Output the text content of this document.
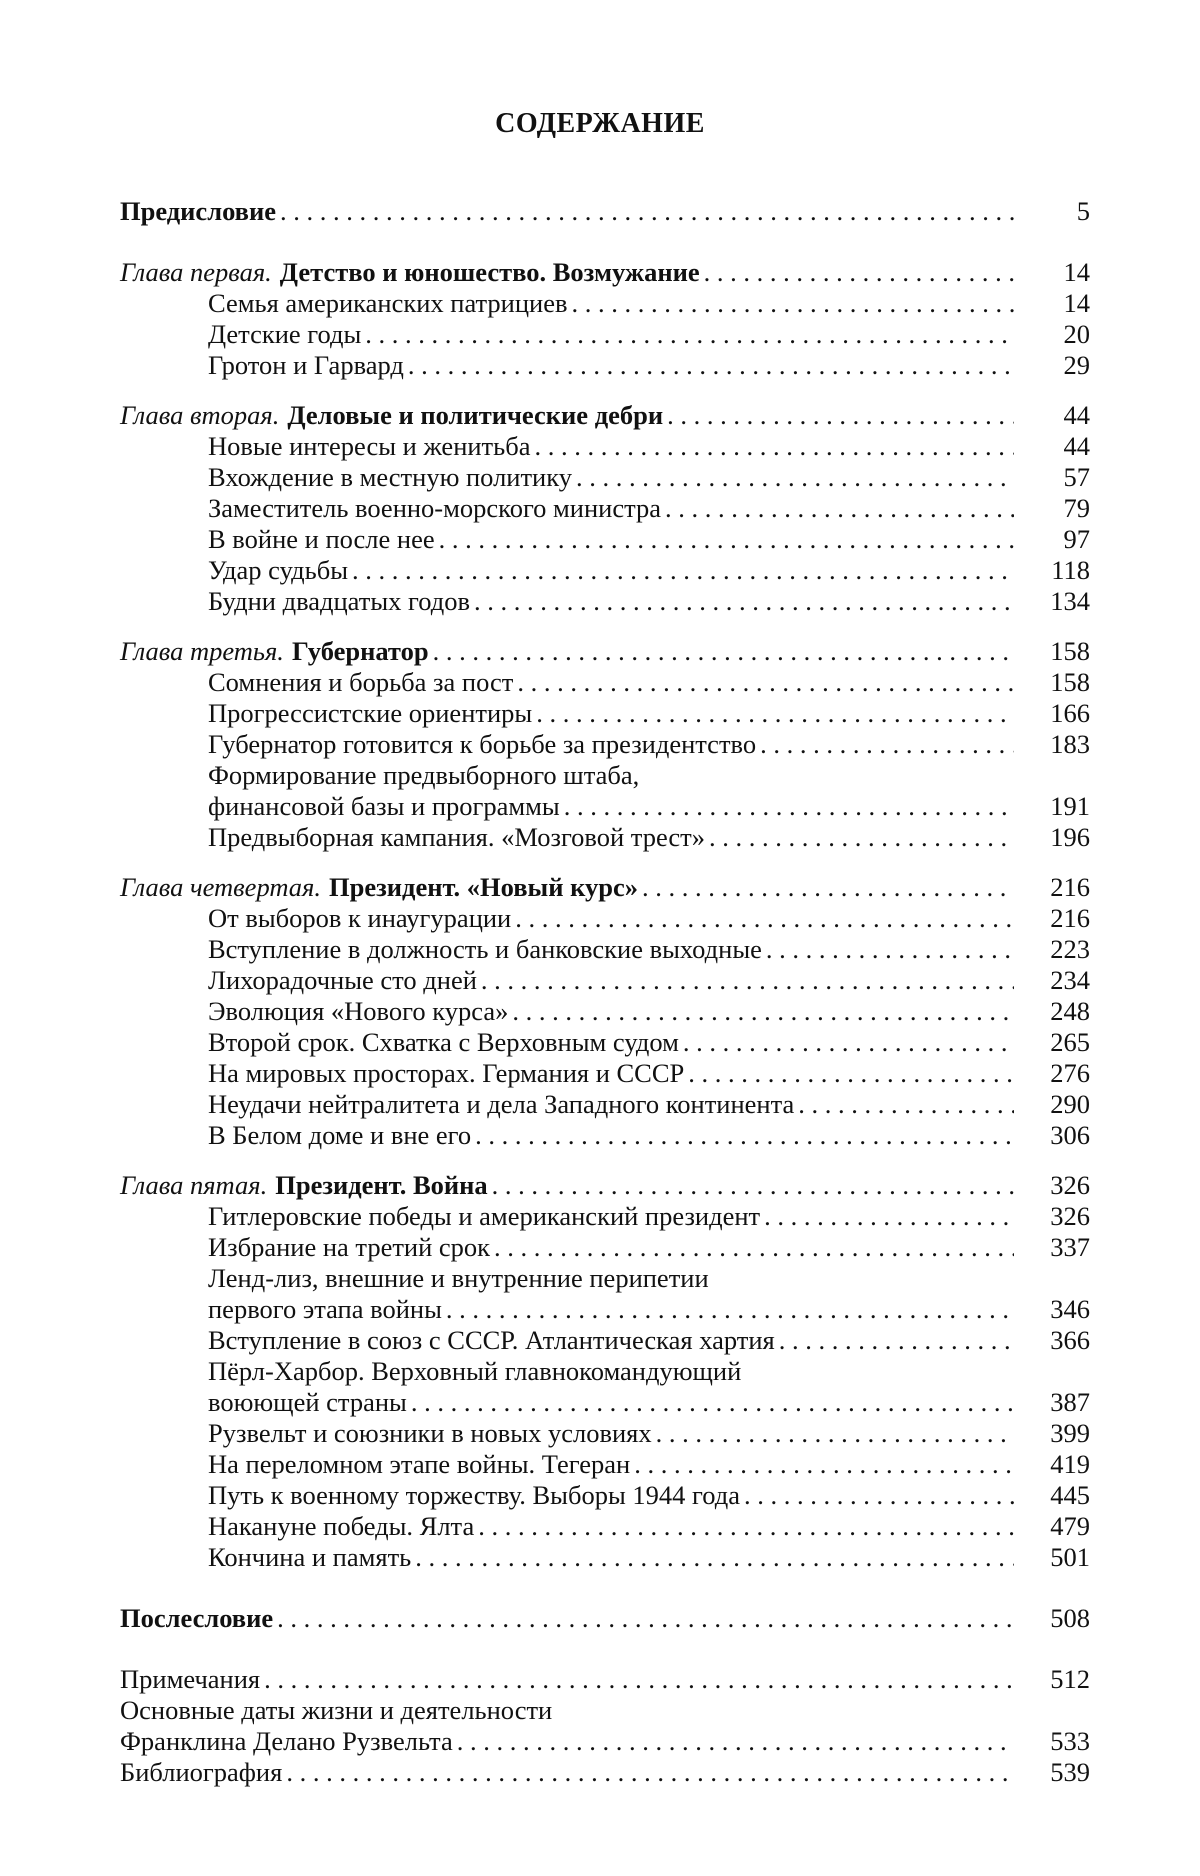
СОДЕРЖАНИЕ
Предисловие
. . .	5
Глава первая. Детство и юношество. Возмужание
. . .	14
Семья американских патрициев
. . .	14
Детские годы
. . .	20
Гротон и Гарвард
. . .	29
Глава вторая. Деловые и политические дебри
. . .	44
Новые интересы и женитьба
. . .	44
Вхождение в местную политику
. . .	57
Заместитель военно-морского министра
. . .	79
В войне и после нее
. . .	97
Удар судьбы
. . .	118
Будни двадцатых годов
. . .	134
Глава третья. Губернатор
. . .	158
Сомнения и борьба за пост
. . .	158
Прогрессистские ориентиры
. . .	166
Губернатор готовится к борьбе за президентство
. . .	183
Формирование предвыборного штаба,
финансовой базы и программы
. . .	191
Предвыборная кампания. «Мозговой трест»
. . .	196
Глава четвертая. Президент. «Новый курс»
. . .	216
От выборов к инаугурации
. . .	216
Вступление в должность и банковские выходные
. . .	223
Лихорадочные сто дней
. . .	234
Эволюция «Нового курса»
. . .	248
Второй срок. Схватка с Верховным судом
. . .	265
На мировых просторах. Германия и СССР
. . .	276
Неудачи нейтралитета и дела Западного континента
. . .	290
В Белом доме и вне его
. . .	306
Глава пятая. Президент. Война
. . .	326
Гитлеровские победы и американский президент
. . .	326
Избрание на третий срок
. . .	337
Ленд-лиз, внешние и внутренние перипетии
первого этапа войны
. . .	346
Вступление в союз с СССР. Атлантическая хартия
. . .	366
Пёрл-Харбор. Верховный главнокомандующий
воюющей страны
. . .	387
Рузвельт и союзники в новых условиях
. . .	399
На переломном этапе войны. Тегеран
. . .	419
Путь к военному торжеству. Выборы 1944 года
. . .	445
Накануне победы. Ялта
. . .	479
Кончина и память
. . .	501
Послесловие
. . .	508
Примечания
. . .	512
Основные даты жизни и деятельности
Франклина Делано Рузвельта
. . .	533
Библиография
. . .	539
